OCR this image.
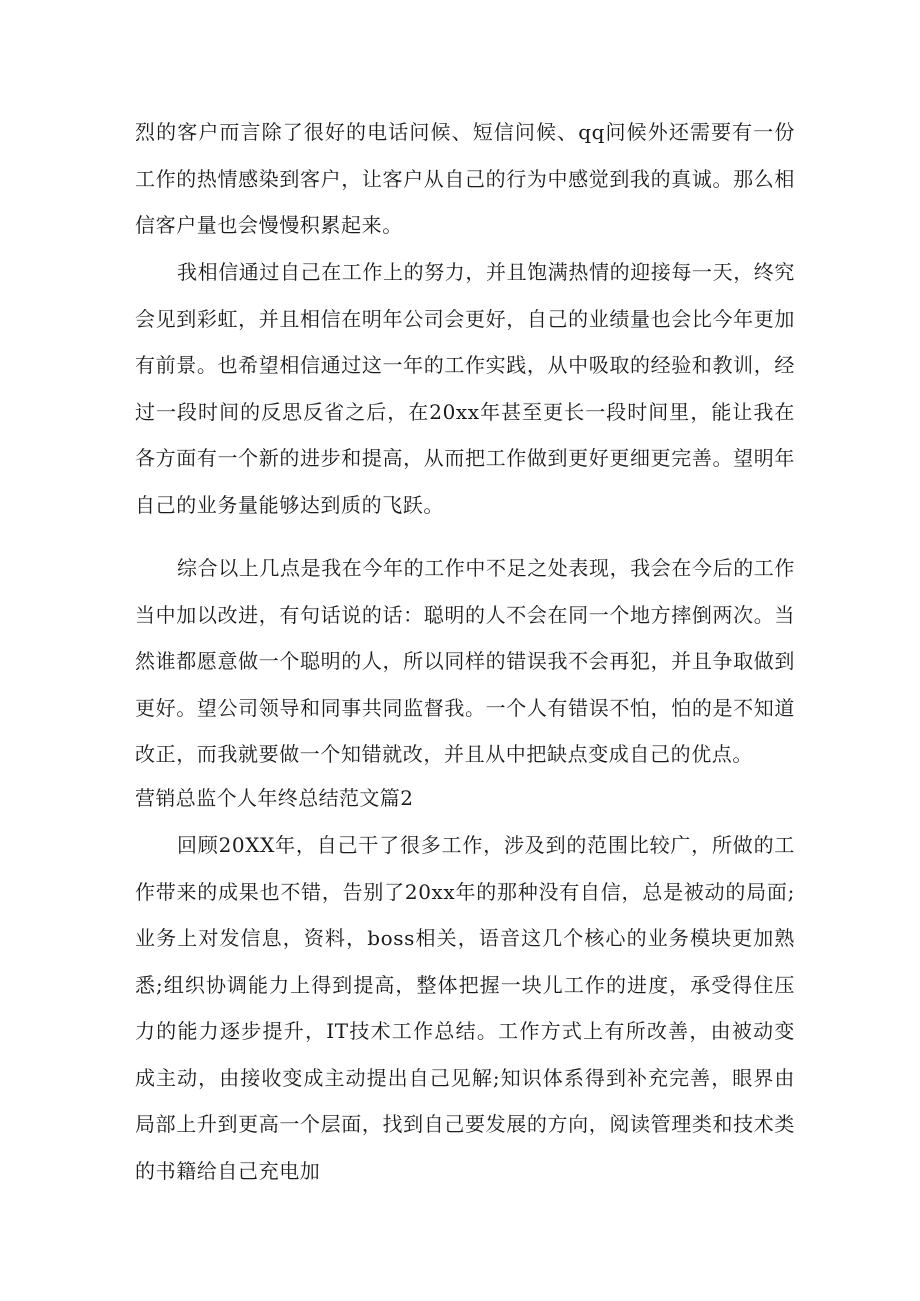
烈的客户而言除了很好的电话问候、短信问候、qq问候外还需要有一份工作的热情感染到客户，让客户从自己的行为中感觉到我的真诚。那么相信客户量也会慢慢积累起来。

我相信通过自己在工作上的努力，并且饱满热情的迎接每一天，终究会见到彩虹，并且相信在明年公司会更好，自己的业绩量也会比今年更加有前景。也希望相信通过这一年的工作实践，从中吸取的经验和教训，经过一段时间的反思反省之后，在20xx年甚至更长一段时间里，能让我在各方面有一个新的进步和提高，从而把工作做到更好更细更完善。望明年自己的业务量能够达到质的飞跃。

综合以上几点是我在今年的工作中不足之处表现，我会在今后的工作当中加以改进，有句话说的话：聪明的人不会在同一个地方摔倒两次。当然谁都愿意做一个聪明的人，所以同样的错误我不会再犯，并且争取做到更好。望公司领导和同事共同监督我。一个人有错误不怕，怕的是不知道改正，而我就要做一个知错就改，并且从中把缺点变成自己的优点。

营销总监个人年终总结范文篇2

回顾20XX年，自己干了很多工作，涉及到的范围比较广，所做的工作带来的成果也不错，告别了20xx年的那种没有自信，总是被动的局面;业务上对发信息，资料，boss相关，语音这几个核心的业务模块更加熟悉;组织协调能力上得到提高，整体把握一块儿工作的进度，承受得住压力的能力逐步提升，IT技术工作总结。工作方式上有所改善，由被动变成主动，由接收变成主动提出自己见解;知识体系得到补充完善，眼界由局部上升到更高一个层面，找到自己要发展的方向，阅读管理类和技术类的书籍给自己充电加
